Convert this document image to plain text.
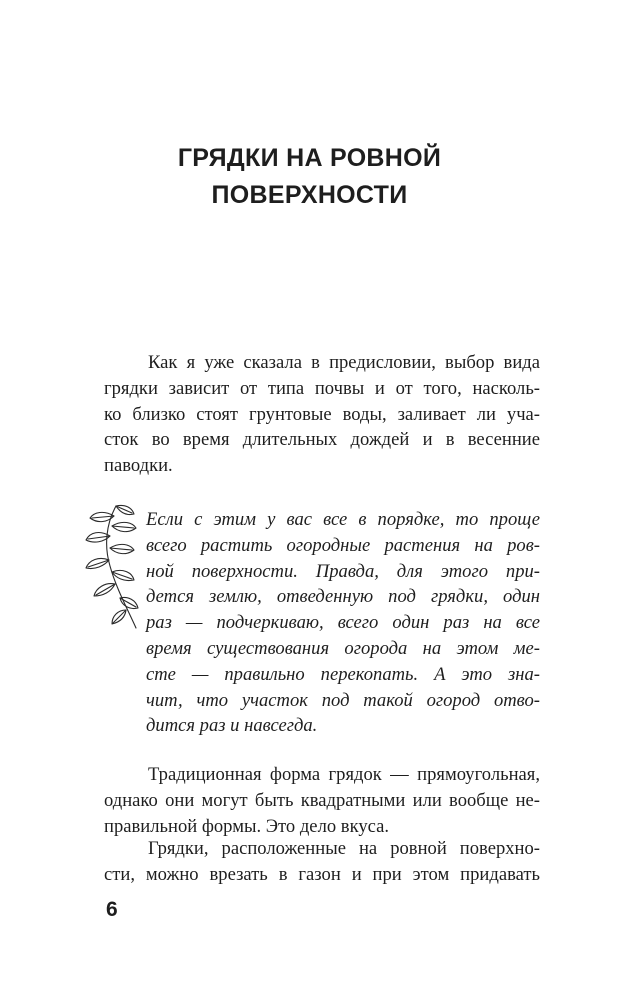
ГРЯДКИ НА РОВНОЙ
ПОВЕРХНОСТИ
Как я уже сказала в предисловии, выбор вида
грядки зависит от типа почвы и от того, насколь-
ко близко стоят грунтовые воды, заливает ли уча-
сток во время длительных дождей и в весенние
паводки.
Если с этим у вас все в порядке, то проще
всего растить огородные растения на ров-
ной поверхности. Правда, для этого при-
дется землю, отведенную под грядки, один
раз — подчеркиваю, всего один раз на все
время существования огорода на этом ме-
сте — правильно перекопать. А это зна-
чит, что участок под такой огород отво-
дится раз и навсегда.
Традиционная форма грядок — прямоугольная,
однако они могут быть квадратными или вообще не-
правильной формы. Это дело вкуса.
Грядки, расположенные на ровной поверхно-
сти, можно врезать в газон и при этом придавать
6
